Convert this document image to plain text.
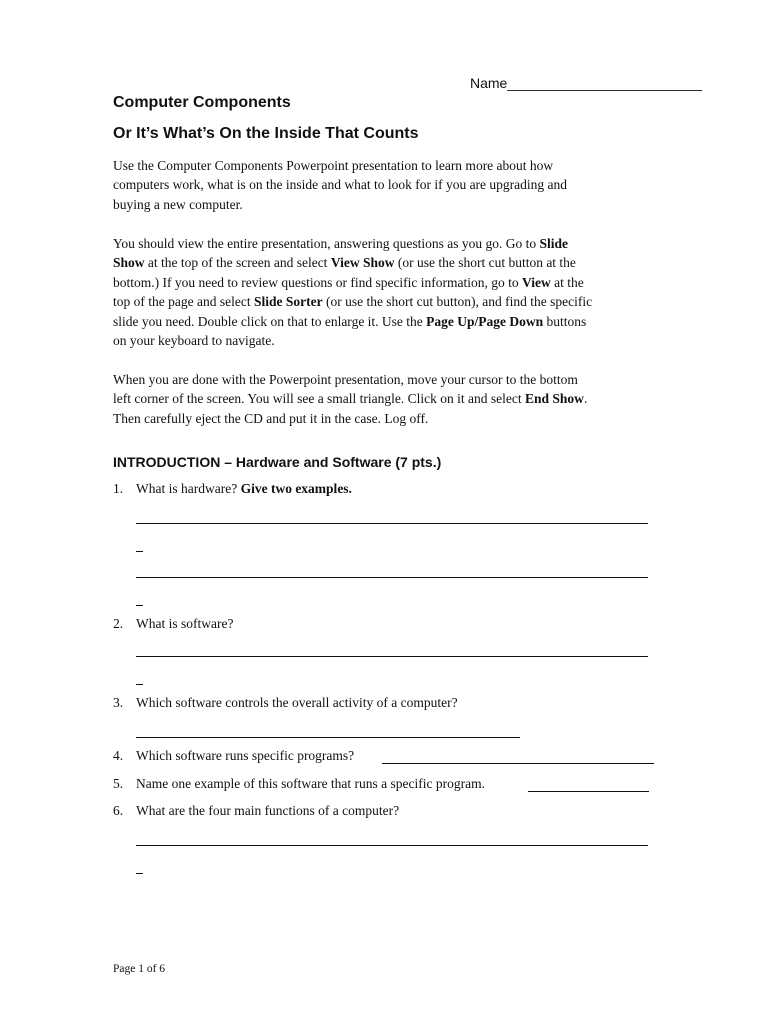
Name_________________________
Computer Components
Or It’s What’s On the Inside That Counts
Use the Computer Components Powerpoint presentation to learn more about how
computers work, what is on the inside and what to look for if you are upgrading and
buying a new computer.
You should view the entire presentation, answering questions as you go. Go to Slide
Show at the top of the screen and select View Show (or use the short cut button at the
bottom.) If you need to review questions or find specific information, go to View at the
top of the page and select Slide Sorter (or use the short cut button), and find the specific
slide you need. Double click on that to enlarge it. Use the Page Up/Page Down buttons
on your keyboard to navigate.
When you are done with the Powerpoint presentation, move your cursor to the bottom
left corner of the screen. You will see a small triangle. Click on it and select End Show.
Then carefully eject the CD and put it in the case. Log off.
INTRODUCTION – Hardware and Software (7 pts.)
1. What is hardware? Give two examples.
2. What is software?
3. Which software controls the overall activity of a computer?
4. Which software runs specific programs?
5. Name one example of this software that runs a specific program.
6. What are the four main functions of a computer?
Page 1 of 6
